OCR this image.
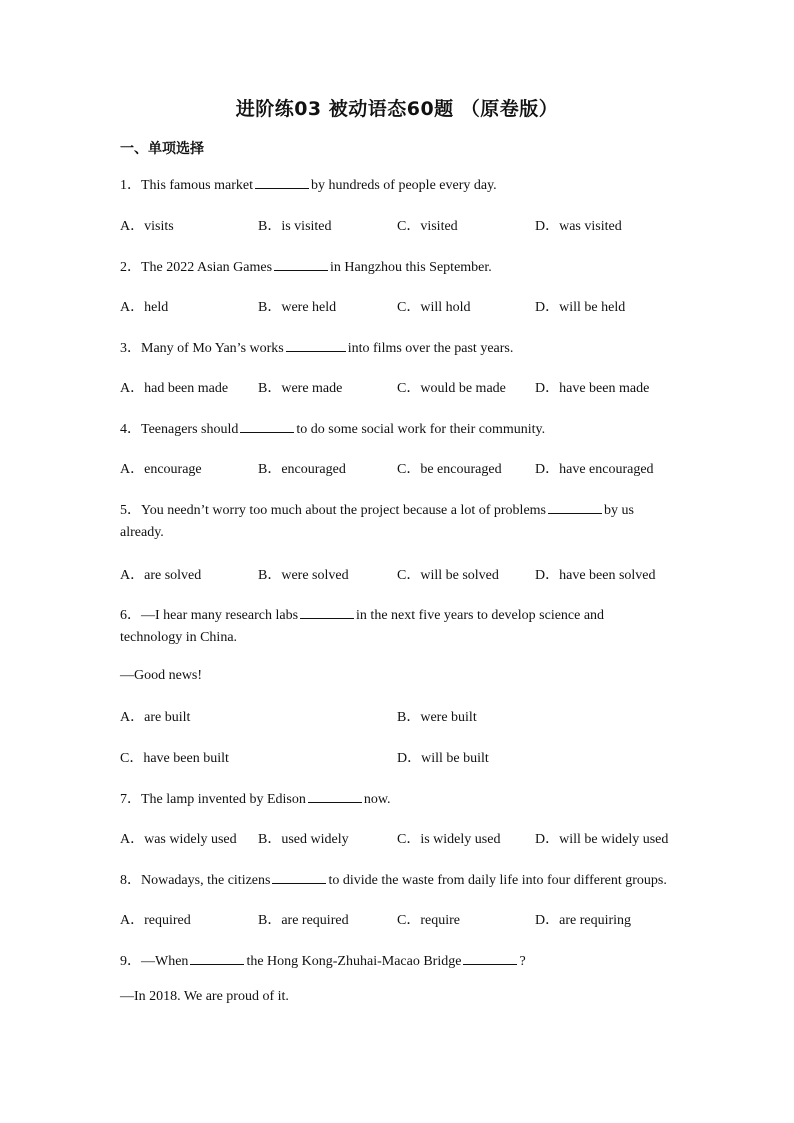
进阶练03 被动语态60题 （原卷版）
一、单项选择
1．This famous market	by hundreds of people every day.
A．visits	B．is visited	C．visited	D．was visited
2．The 2022 Asian Games	in Hangzhou this September.
A．held	B．were held	C．will hold	D．will be held
3．Many of Mo Yan’s works	into films over the past years.
A．had been made B．were made	C．would be made D．have been made
4．Teenagers should	to do some social work for their community.
A．encourage	B．encouraged	C．be encouraged D．have encouraged
5．You needn’t worry too much about the project because a lot of problems	by us
already.
A．are solved	B．were solved	C．will be solved	D．have been solved
6．—I hear many research labs	in the next five years to develop science and
technology in China.
—Good news!
A．are built	B．were built
C．have been built	D．will be built
7．The lamp invented by Edison	now.
A．was widely used B．used widely	C．is widely used D．will be widely used
8．Nowadays, the citizens	to divide the waste from daily life into four different groups.
A．required	B．are required	C．require	D．are requiring
9．—When	the Hong Kong-Zhuhai-Macao Bridge	?
—In 2018. We are proud of it.
